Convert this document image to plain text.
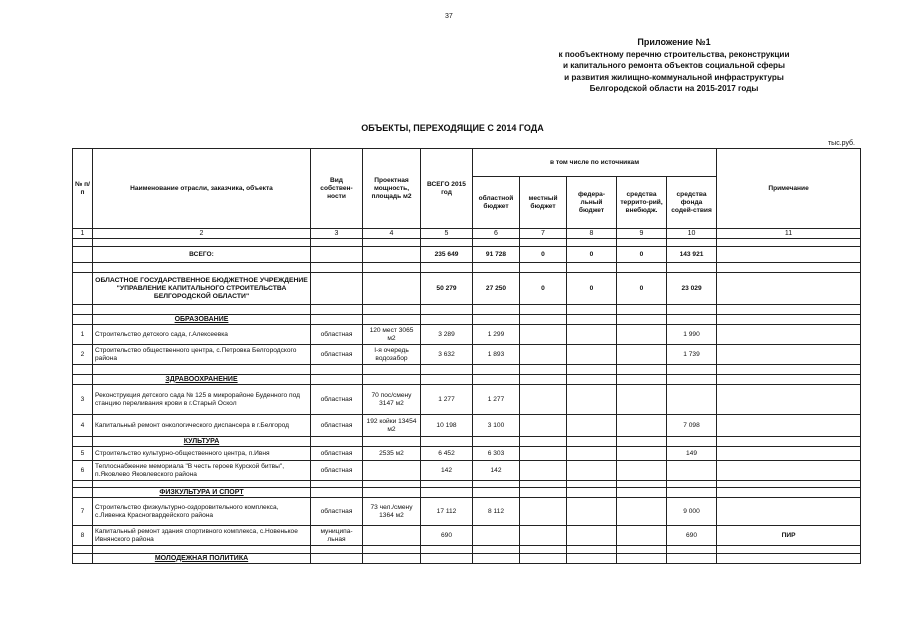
37
Приложение №1
к пообъектному перечню строительства, реконструкции
и капитального ремонта объектов социальной сферы
и развития жилищно-коммунальной инфраструктуры
Белгородской области на 2015-2017 годы
ОБЪЕКТЫ, ПЕРЕХОДЯЩИЕ С 2014 ГОДА
тыс.руб.
№ п/п	Наименование отрасли, заказчика, объекта	Вид собствен-ности	Проектная мощность, площадь м2	ВСЕГО 2015 год	в том числе по источникам					Примечание
					областной бюджет	местный бюджет	федера-льный бюджет	средства террито-рий, внебюдж.	средства фонда содей-ствия	
1	2	3	4	5	6	7	8	9	10	11

	ВСЕГО:			235 649	91 728	0	0	0	143 921	

	ОБЛАСТНОЕ ГОСУДАРСТВЕННОЕ БЮДЖЕТНОЕ УЧРЕЖДЕНИЕ "УПРАВЛЕНИЕ КАПИТАЛЬНОГО СТРОИТЕЛЬСТВА БЕЛГОРОДСКОЙ ОБЛАСТИ"			50 279	27 250	0	0	0	23 029	

	ОБРАЗОВАНИЕ									
1	Строительство детского сада, г.Алексеевка	областная	120 мест 3065 м2	3 289	1 299				1 990	
2	Строительство общественного центра, с.Петровка Белгородского района	областная	I-я очередь водозабор	3 632	1 893				1 739	

	ЗДРАВООХРАНЕНИЕ									
3	Реконструкция детского сада № 125 в микрорайоне Буденного под станцию переливания крови в г.Старый Оскол	областная	70 пос/смену 3147 м2	1 277	1 277					
4	Капитальный ремонт онкологического диспансера в г.Белгород	областная	192 койки 13454 м2	10 198	3 100				7 098	
	КУЛЬТУРА									
5	Строительство культурно-общественного центра, п.Ивня	областная	2535 м2	6 452	6 303				149	
6	Теплоснабжение мемориала "В честь героев Курской битвы", п.Яковлево Яковлевского района	областная		142	142					

	ФИЗКУЛЬТУРА И СПОРТ									
7	Строительство физкультурно-оздоровительного комплекса, с.Ливенка Красногвардейского района	областная	73 чел./смену 1364 м2	17 112	8 112				9 000	
8	Капитальный ремонт здания спортивного комплекса, с.Новенькое Ивнянского района	муниципа-льная		690					690	ПИР

	МОЛОДЕЖНАЯ ПОЛИТИКА									
